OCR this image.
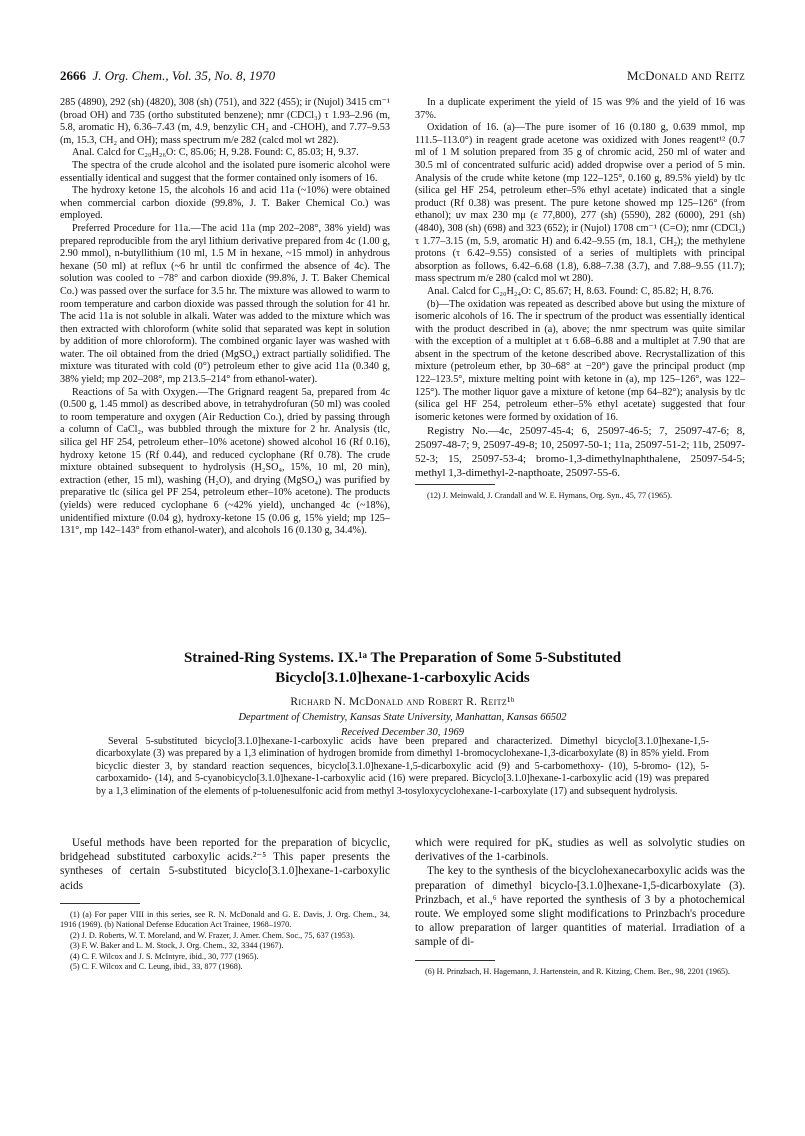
2666 J. Org. Chem., Vol. 35, No. 8, 1970	McDonald and Reitz

285 (4890), 292 (sh) (4820), 308 (sh) (751), and 322 (455); ir (Nujol) 3415 cm⁻¹ (broad OH) and 735 (ortho substituted benzene); nmr (CDCl₃) τ 1.93–2.96 (m, 5.8, aromatic H), 6.36–7.43 (m, 4.9, benzylic CH₂ and -CHOH), and 7.77–9.53 (m, 15.3, CH₂ and OH); mass spectrum m/e 282 (calcd mol wt 282).

Anal. Calcd for C₂₀H₂₆O: C, 85.06; H, 9.28. Found: C, 85.03; H, 9.37.

The spectra of the crude alcohol and the isolated pure isomeric alcohol were essentially identical and suggest that the former contained only isomers of 16.

The hydroxy ketone 15, the alcohols 16 and acid 11a (~10%) were obtained when commercial carbon dioxide (99.8%, J. T. Baker Chemical Co.) was employed.

Preferred Procedure for 11a.—The acid 11a (mp 202–208°, 38% yield) was prepared reproducible from the aryl lithium derivative prepared from 4c (1.00 g, 2.90 mmol), n-butyllithium (10 ml, 1.5 M in hexane, ~15 mmol) in anhydrous hexane (50 ml) at reflux (~6 hr until tlc confirmed the absence of 4c). The solution was cooled to −78° and carbon dioxide (99.8%, J. T. Baker Chemical Co.) was passed over the surface for 3.5 hr. The mixture was allowed to warm to room temperature and carbon dioxide was passed through the solution for 41 hr. The acid 11a is not soluble in alkali. Water was added to the mixture which was then extracted with chloroform (white solid that separated was kept in solution by addition of more chloroform). The combined organic layer was washed with water. The oil obtained from the dried (MgSO₄) extract partially solidified. The mixture was titurated with cold (0°) petroleum ether to give acid 11a (0.340 g, 38% yield; mp 202–208°, mp 213.5–214° from ethanol-water).

Reactions of 5a with Oxygen.—The Grignard reagent 5a, prepared from 4c (0.500 g, 1.45 mmol) as described above, in tetrahydrofuran (50 ml) was cooled to room temperature and oxygen (Air Reduction Co.), dried by passing through a column of CaCl₂, was bubbled through the mixture for 2 hr. Analysis (tlc, silica gel HF 254, petroleum ether–10% acetone) showed alcohol 16 (Rf 0.16), hydroxy ketone 15 (Rf 0.44), and reduced cyclophane (Rf 0.78). The crude mixture obtained subsequent to hydrolysis (H₂SO₄, 15%, 10 ml, 20 min), extraction (ether, 15 ml), washing (H₂O), and drying (MgSO₄) was purified by preparative tlc (silica gel PF 254, petroleum ether–10% acetone). The products (yields) were reduced cyclophane 6 (~42% yield), unchanged 4c (~18%), unidentified mixture (0.04 g), hydroxy-ketone 15 (0.06 g, 15% yield; mp 125–131°, mp 142–143° from ethanol-water), and alcohols 16 (0.130 g, 34.4%).

In a duplicate experiment the yield of 15 was 9% and the yield of 16 was 37%.

Oxidation of 16. (a)—The pure isomer of 16 (0.180 g, 0.639 mmol, mp 111.5–113.0°) in reagent grade acetone was oxidized with Jones reagent¹² (0.7 ml of 1 M solution prepared from 35 g of chromic acid, 250 ml of water and 30.5 ml of concentrated sulfuric acid) added dropwise over a period of 5 min. Analysis of the crude white ketone (mp 122–125°, 0.160 g, 89.5% yield) by tlc (silica gel HF 254, petroleum ether–5% ethyl acetate) indicated that a single product (Rf 0.38) was present. The pure ketone showed mp 125–126° (from ethanol); uv max 230 mμ (ε 77,800), 277 (sh) (5590), 282 (6000), 291 (sh) (4840), 308 (sh) (698) and 323 (652); ir (Nujol) 1708 cm⁻¹ (C=O); nmr (CDCl₃) τ 1.77–3.15 (m, 5.9, aromatic H) and 6.42–9.55 (m, 18.1, CH₂); the methylene protons (τ 6.42–9.55) consisted of a series of multiplets with principal absorption as follows, 6.42–6.68 (1.8), 6.88–7.38 (3.7), and 7.88–9.55 (11.7); mass spectrum m/e 280 (calcd mol wt 280).

Anal. Calcd for C₂₀H₂₄O: C, 85.67; H, 8.63. Found: C, 85.82; H, 8.76.

(b)—The oxidation was repeated as described above but using the mixture of isomeric alcohols of 16. The ir spectrum of the product was essentially identical with the product described in (a), above; the nmr spectrum was quite similar with the exception of a multiplet at τ 6.68–6.88 and a multiplet at 7.90 that are absent in the spectrum of the ketone described above. Recrystallization of this mixture (petroleum ether, bp 30–68° at −20°) gave the principal product (mp 122–123.5°, mixture melting point with ketone in (a), mp 125–126°, was 122–125°). The mother liquor gave a mixture of ketone (mp 64–82°); analysis by tlc (silica gel HF 254, petroleum ether–5% ethyl acetate) suggested that four isomeric ketones were formed by oxidation of 16.

Registry No.—4c, 25097-45-4; 6, 25097-46-5; 7, 25097-47-6; 8, 25097-48-7; 9, 25097-49-8; 10, 25097-50-1; 11a, 25097-51-2; 11b, 25097-52-3; 15, 25097-53-4; bromo-1,3-dimethylnaphthalene, 25097-54-5; methyl 1,3-dimethyl-2-napthoate, 25097-55-6.

(12) J. Meinwald, J. Crandall and W. E. Hymans, Org. Syn., 45, 77 (1965).

Strained-Ring Systems. IX.¹ᵃ The Preparation of Some 5-Substituted
Bicyclo[3.1.0]hexane-1-carboxylic Acids
Richard N. McDonald and Robert R. Reitz¹ᵇ
Department of Chemistry, Kansas State University, Manhattan, Kansas 66502
Received December 30, 1969
Several 5-substituted bicyclo[3.1.0]hexane-1-carboxylic acids have been prepared and characterized. Dimethyl bicyclo[3.1.0]hexane-1,5-dicarboxylate (3) was prepared by a 1,3 elimination of hydrogen bromide from dimethyl 1-bromocyclohexane-1,3-dicarboxylate (8) in 85% yield. From bicyclic diester 3, by standard reaction sequences, bicyclo[3.1.0]hexane-1,5-dicarboxylic acid (9) and 5-carbomethoxy- (10), 5-bromo- (12), 5-carboxamido- (14), and 5-cyanobicyclo[3.1.0]hexane-1-carboxylic acid (16) were prepared. Bicyclo[3.1.0]hexane-1-carboxylic acid (19) was prepared by a 1,3 elimination of the elements of p-toluenesulfonic acid from methyl 3-tosyloxycyclohexane-1-carboxylate (17) and subsequent hydrolysis.

Useful methods have been reported for the preparation of bicyclic, bridgehead substituted carboxylic acids.²⁻⁵ This paper presents the syntheses of certain 5-substituted bicyclo[3.1.0]hexane-1-carboxylic acids

(1) (a) For paper VIII in this series, see R. N. McDonald and G. E. Davis, J. Org. Chem., 34, 1916 (1969). (b) National Defense Education Act Trainee, 1968–1970.

(2) J. D. Roberts, W. T. Moreland, and W. Frazer, J. Amer. Chem. Soc., 75, 637 (1953).

(3) F. W. Baker and L. M. Stock, J. Org. Chem., 32, 3344 (1967).

(4) C. F. Wilcox and J. S. McIntyre, ibid., 30, 777 (1965).

(5) C. F. Wilcox and C. Leung, ibid., 33, 877 (1968).

which were required for pKₐ studies as well as solvolytic studies on derivatives of the 1-carbinols.

The key to the synthesis of the bicyclohexanecarboxylic acids was the preparation of dimethyl bicyclo-[3.1.0]hexane-1,5-dicarboxylate (3). Prinzbach, et al.,⁶ have reported the synthesis of 3 by a photochemical route. We employed some slight modifications to Prinzbach's procedure to allow preparation of larger quantities of material. Irradiation of a sample of di-

(6) H. Prinzbach, H. Hagemann, J. Hartenstein, and R. Kitzing, Chem. Ber., 98, 2201 (1965).
